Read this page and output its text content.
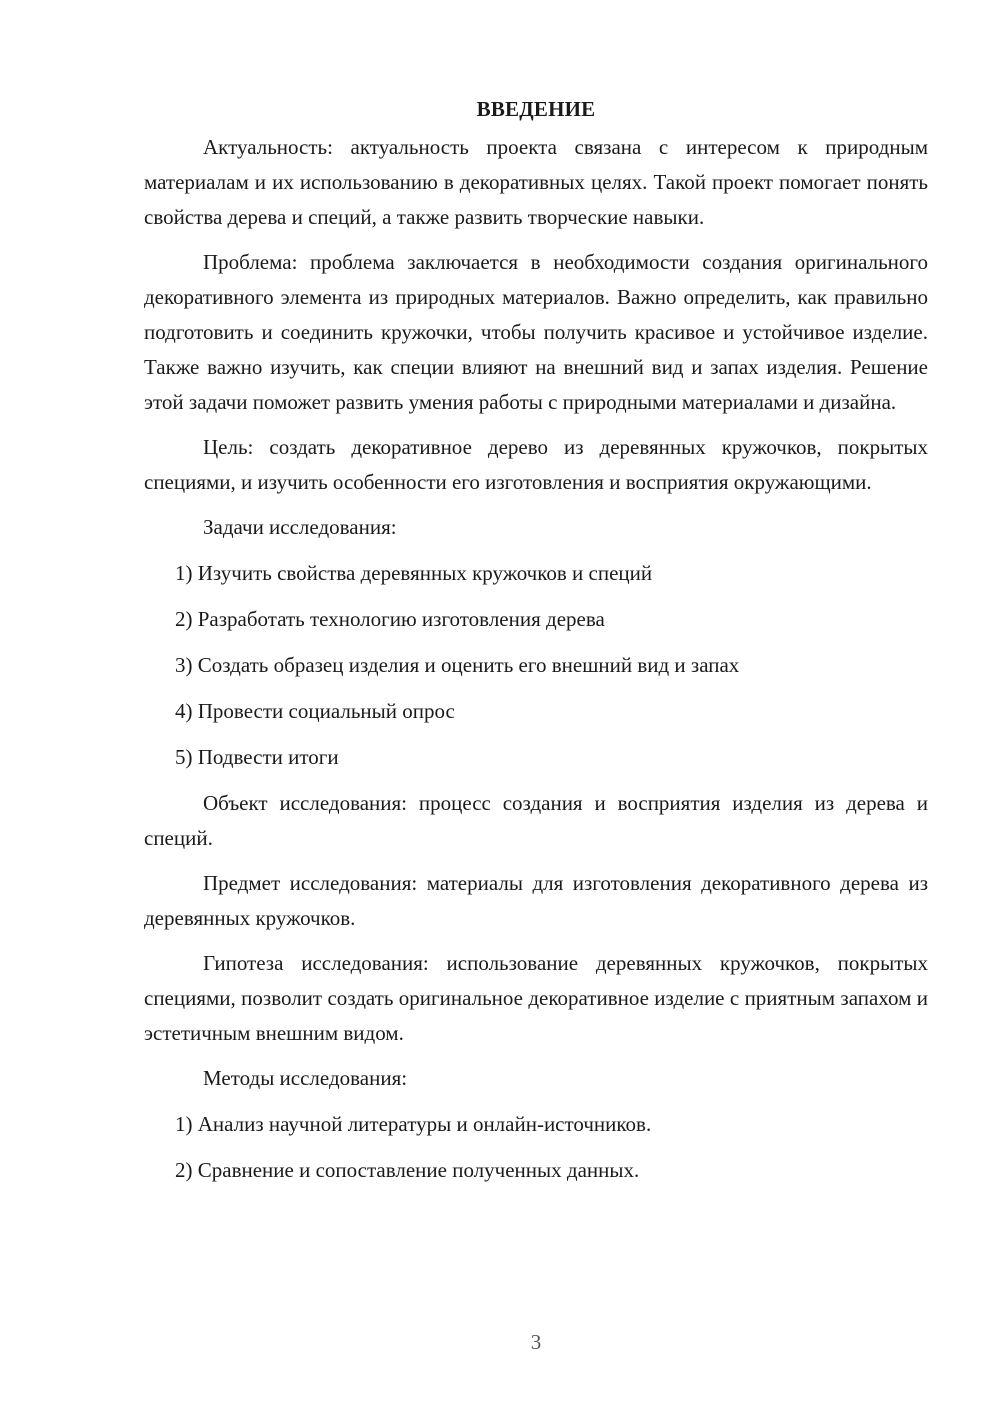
ВВЕДЕНИЕ

Актуальность: актуальность проекта связана с интересом к природным материалам и их использованию в декоративных целях. Такой проект помогает понять свойства дерева и специй, а также развить творческие навыки.

Проблема: проблема заключается в необходимости создания оригинального декоративного элемента из природных материалов. Важно определить, как правильно подготовить и соединить кружочки, чтобы получить красивое и устойчивое изделие. Также важно изучить, как специи влияют на внешний вид и запах изделия. Решение этой задачи поможет развить умения работы с природными материалами и дизайна.

Цель: создать декоративное дерево из деревянных кружочков, покрытых специями, и изучить особенности его изготовления и восприятия окружающими.

Задачи исследования:
1) Изучить свойства деревянных кружочков и специй
2) Разработать технологию изготовления дерева
3) Создать образец изделия и оценить его внешний вид и запах
4) Провести социальный опрос
5) Подвести итоги

Объект исследования: процесс создания и восприятия изделия из дерева и специй.

Предмет исследования: материалы для изготовления декоративного дерева из деревянных кружочков.

Гипотеза исследования: использование деревянных кружочков, покрытых специями, позволит создать оригинальное декоративное изделие с приятным запахом и эстетичным внешним видом.

Методы исследования:
1) Анализ научной литературы и онлайн-источников.
2) Сравнение и сопоставление полученных данных.
3
